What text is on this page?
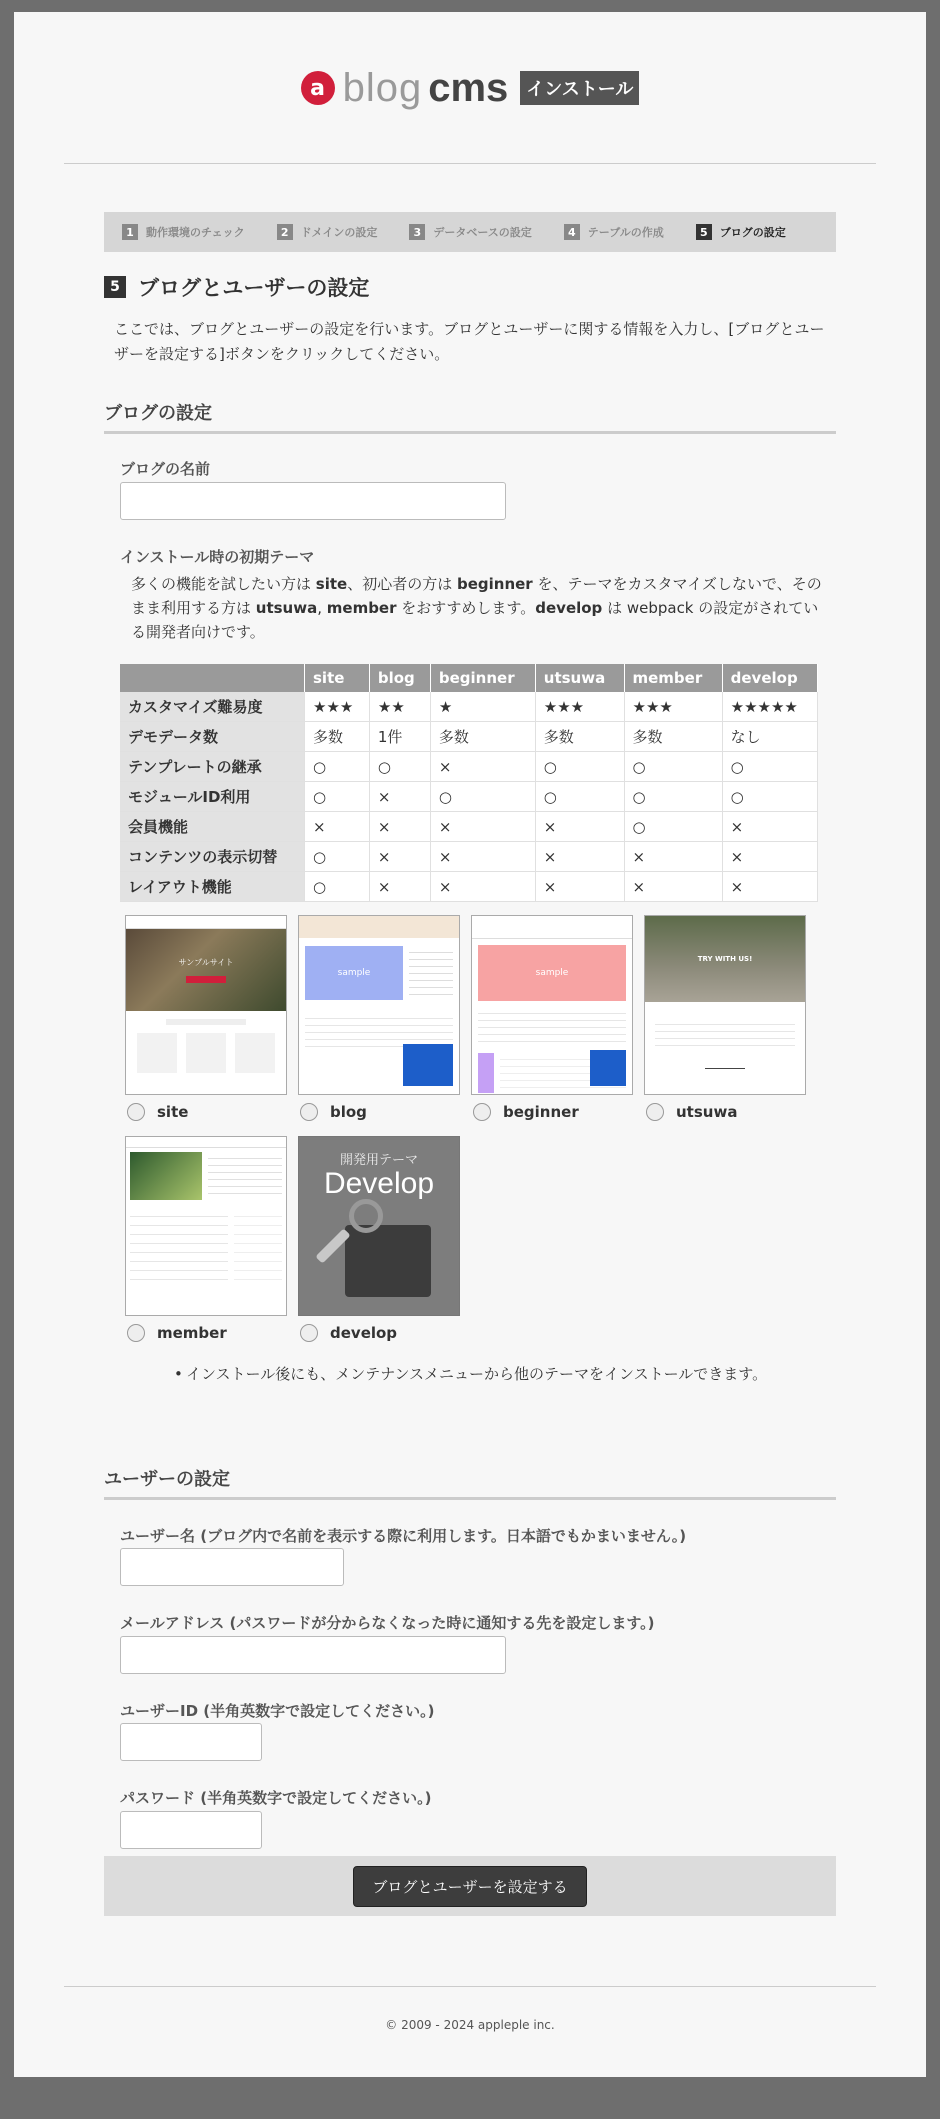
a blog cms	インストール
1	動作環境のチェック	2	ドメインの設定	3	データベースの設定	4	テーブルの作成	5	ブログの設定
5 ブログとユーザーの設定
ここでは、ブログとユーザーの設定を行います。ブログとユーザーに関する情報を入力し、[ブログとユーザーを設定する]ボタンをクリックしてください。
ブログの設定
ブログの名前
インストール時の初期テーマ
多くの機能を試したい方は site、初心者の方は beginner を、テーマをカスタマイズしないで、そのまま利用する方は utsuwa, member をおすすめします。develop は webpack の設定がされている開発者向けです。
	site	blog	beginner	utsuwa	member	develop
カスタマイズ難易度	★★★	★★	★	★★★	★★★	★★★★★
デモデータ数	多数	1件	多数	多数	多数	なし
テンプレートの継承	○	○	×	○	○	○
モジュールID利用	○	×	○	○	○	○
会員機能	×	×	×	×	○	×
コンテンツの表示切替	○	×	×	×	×	×
レイアウト機能	○	×	×	×	×	×
サンプルサイト
site
sample
blog
sample
beginner
TRY WITH US!
utsuwa
member
開発用テーマ
Develop
develop
• インストール後にも、メンテナンスメニューから他のテーマをインストールできます。
ユーザーの設定
ユーザー名 (ブログ内で名前を表示する際に利用します。日本語でもかまいません。)
メールアドレス (パスワードが分からなくなった時に通知する先を設定します。)
ユーザーID (半角英数字で設定してください。)
パスワード (半角英数字で設定してください。)
ブログとユーザーを設定する
© 2009 - 2024 appleple inc.
